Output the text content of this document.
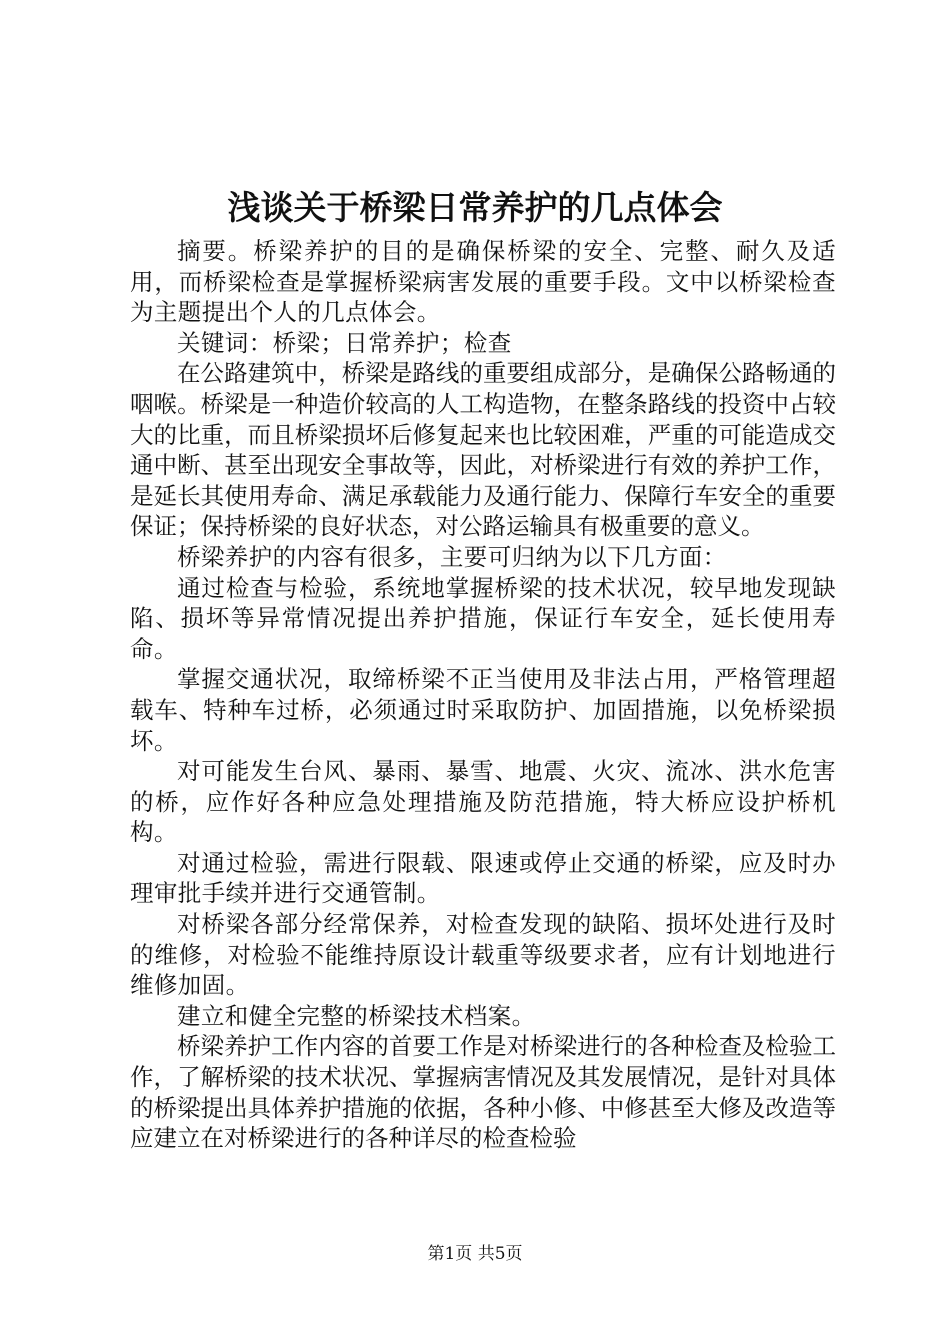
浅谈关于桥梁日常养护的几点体会

摘要。桥梁养护的目的是确保桥梁的安全、完整、耐久及适用，而桥梁检查是掌握桥梁病害发展的重要手段。文中以桥梁检查为主题提出个人的几点体会。

关键词：桥梁；日常养护；检查

在公路建筑中，桥梁是路线的重要组成部分，是确保公路畅通的咽喉。桥梁是一种造价较高的人工构造物，在整条路线的投资中占较大的比重，而且桥梁损坏后修复起来也比较困难，严重的可能造成交通中断、甚至出现安全事故等，因此，对桥梁进行有效的养护工作，是延长其使用寿命、满足承载能力及通行能力、保障行车安全的重要保证；保持桥梁的良好状态，对公路运输具有极重要的意义。

桥梁养护的内容有很多，主要可归纳为以下几方面：

通过检查与检验，系统地掌握桥梁的技术状况，较早地发现缺陷、损坏等异常情况提出养护措施，保证行车安全，延长使用寿命。

掌握交通状况，取缔桥梁不正当使用及非法占用，严格管理超载车、特种车过桥，必须通过时采取防护、加固措施，以免桥梁损坏。

对可能发生台风、暴雨、暴雪、地震、火灾、流冰、洪水危害的桥，应作好各种应急处理措施及防范措施，特大桥应设护桥机构。

对通过检验，需进行限载、限速或停止交通的桥梁，应及时办理审批手续并进行交通管制。

对桥梁各部分经常保养，对检查发现的缺陷、损坏处进行及时的维修，对检验不能维持原设计载重等级要求者，应有计划地进行维修加固。

建立和健全完整的桥梁技术档案。

桥梁养护工作内容的首要工作是对桥梁进行的各种检查及检验工作，了解桥梁的技术状况、掌握病害情况及其发展情况，是针对具体的桥梁提出具体养护措施的依据，各种小修、中修甚至大修及改造等应建立在对桥梁进行的各种详尽的检查检验

第1页 共5页
